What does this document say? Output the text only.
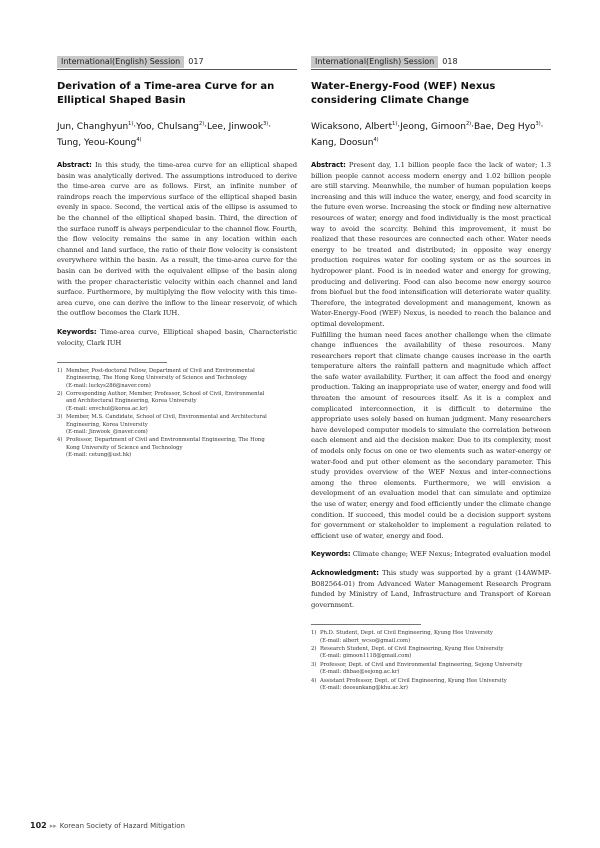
International(English) Session 017
Derivation of a Time-area Curve for an Elliptical Shaped Basin
Jun, Changhyun$^{1)}$·Yoo, Chulsang$^{2)}$·Lee, Jinwook$^{3)}$· Tung, Yeou-Koung$^{4)}$
Abstract: In this study, the time-area curve for an elliptical shaped basin was analytically derived. The assumptions introduced to derive the time-area curve are as follows. First, an infinite number of raindrops reach the impervious surface of the elliptical shaped basin evenly in space. Second, the vertical axis of the ellipse is assumed to be the channel of the elliptical shaped basin. Third, the direction of the surface runoff is always perpendicular to the channel flow. Fourth, the flow velocity remains the same in any location within each channel and land surface, the ratio of their flow velocity is consistent everywhere within the basin. As a result, the time-area curve for the basin can be derived with the equivalent ellipse of the basin along with the proper characteristic velocity within each channel and land surface. Furthermore, by multiplying the flow velocity with this time-area curve, one can derive the inflow to the linear reservoir, of which the outflow becomes the Clark IUH.
Keywords: Time-area curve, Elliptical shaped basin, Characteristic velocity, Clark IUH
1) Member, Post-doctoral Fellow, Department of Civil and Environmental
Engineering, The Hong Kong University of Science and Technology
(E-mail: luckys286@naver.com)
2) Corresponding Author, Member, Professor, School of Civil, Environmental
and Architectural Engineering, Korea University
(E-mail: envchul@korea.ac.kr)
3) Member, M.S. Candidate, School of Civil, Environmental and Architectural
Engineering, Korea University
(E-mail: Jinwook_@naver.com)
4) Professor, Department of Civil and Environmental Engineering, The Hong
Kong University of Science and Technology
(E-mail: cetung@ust.hk)
International(English) Session 018
Water-Energy-Food (WEF) Nexus considering Climate Change
Wicaksono, Albert$^{1)}$·Jeong, Gimoon$^{2)}$·Bae, Deg Hyo$^{3)}$· Kang, Doosun$^{4)}$
Abstract: Present day, 1.1 billion people face the lack of water; 1.3 billion people cannot access modern energy and 1.02 billion people are still starving. Meanwhile, the number of human population keeps increasing and this will induce the water, energy, and food scarcity in the future even worse. Increasing the stock or finding new alternative resources of water, energy and food individually is the most practical way to avoid the scarcity. Behind this improvement, it must be realized that these resources are connected each other. Water needs energy to be treated and distributed; in opposite way energy production requires water for cooling system or as the sources in hydropower plant. Food is in needed water and energy for growing, producing and delivering. Food can also become new energy source from biofuel but the food intensification will deteriorate water quality. Therefore, the integrated development and management, known as Water-Energy-Food (WEF) Nexus, is needed to reach the balance and optimal development.
Fulfilling the human need faces another challenge when the climate change influences the availability of these resources. Many researchers report that climate change causes increase in the earth temperature alters the rainfall pattern and magnitude which affect the safe water availability. Further, it can affect the food and energy production. Taking an inappropriate use of water, energy and food will threaten the amount of resources itself. As it is a complex and complicated interconnection, it is difficult to determine the appropriate uses solely based on human judgment. Many researchers have developed computer models to simulate the correlation between each element and aid the decision maker. Due to its complexity, most of models only focus on one or two elements such as water-energy or water-food and put other element as the secondary parameter. This study provides overview of the WEF Nexus and inter-connections among the three elements. Furthermore, we will envision a development of an evaluation model that can simulate and optimize the use of water, energy and food efficiently under the climate change condition. If succeed, this model could be a decision support system for government or stakeholder to implement a regulation related to efficient use of water, energy and food.
Keywords: Climate change; WEF Nexus; Integrated evaluation model
Acknowledgment: This study was supported by a grant (14AWMP-B082564-01) from Advanced Water Management Research Program funded by Ministry of Land, Infrastructure and Transport of Korean government.
1) Ph.D. Student, Dept. of Civil Engineering, Kyung Hee University
(E-mail: albert_wcso@gmail.com)
2) Research Student, Dept. of Civil Engineering, Kyung Hee University
(E-mail: gimoon1118@gmail.com)
3) Professor, Dept. of Civil and Environmental Engineering, Sejong University
(E-mail: dhbae@sejong.ac.kr)
4) Assistant Professor, Dept. of Civil Engineering, Kyung Hee University
(E-mail: doosunkang@khu.ac.kr)
102 ▸▸ Korean Society of Hazard Mitigation
